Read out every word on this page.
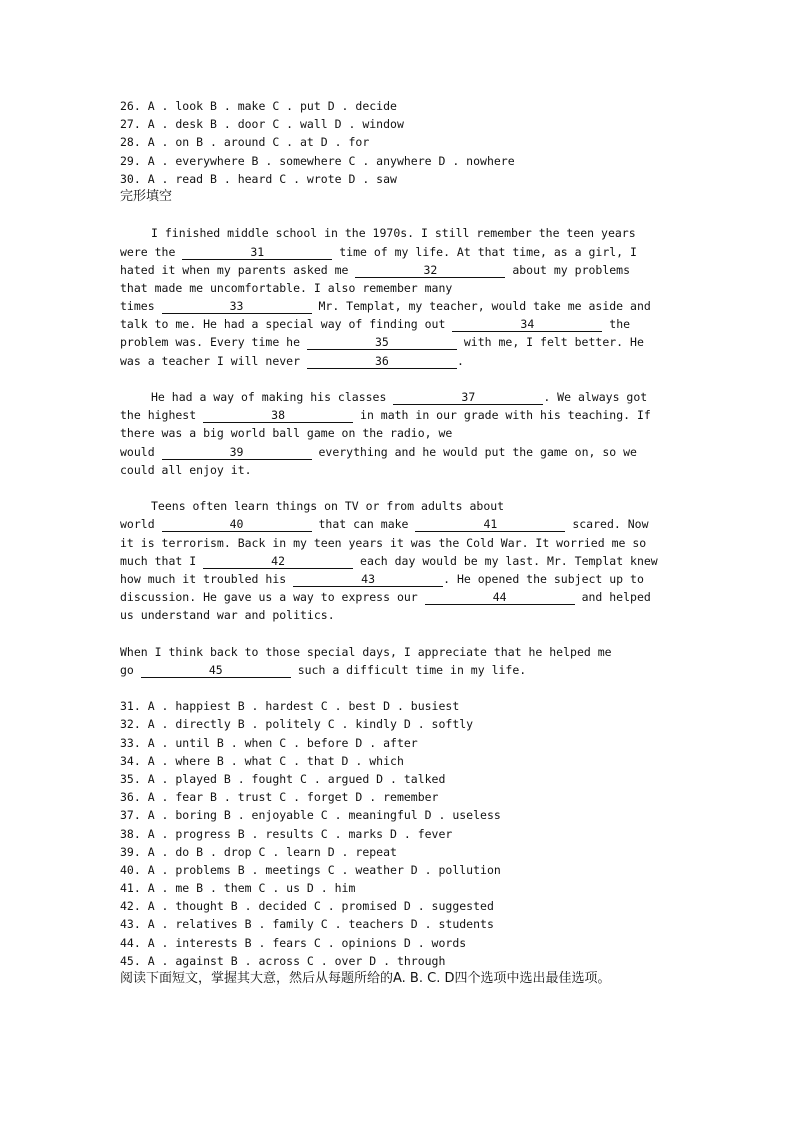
26. A . look B . make C . put D . decide
27. A . desk B . door C . wall D . window
28. A . on B . around C . at D . for
29. A . everywhere B . somewhere C . anywhere D . nowhere
30. A . read B . heard C . wrote D . saw
完形填空
I finished middle school in the 1970s. I still remember the teen years
were the	31	time of my life. At that time, as a girl, I
hated it when my parents asked me	32	about my problems
that made me uncomfortable. I also remember many
times	33	Mr. Templat, my teacher, would take me aside and
talk to me. He had a special way of finding out	34	the
problem was. Every time he	35	with me, I felt better. He
was a teacher I will never	36	.
He had a way of making his classes	37	. We always got
the highest	38	in math in our grade with his teaching. If
there was a big world ball game on the radio, we
would	39	everything and he would put the game on, so we
could all enjoy it.
Teens often learn things on TV or from adults about
world	40	that can make	41	scared. Now
it is terrorism. Back in my teen years it was the Cold War. It worried me so
much that I	42	each day would be my last. Mr. Templat knew
how much it troubled his	43	. He opened the subject up to
discussion. He gave us a way to express our	44	and helped
us understand war and politics.
When I think back to those special days, I appreciate that he helped me
go	45	such a difficult time in my life.
31. A . happiest B . hardest C . best D . busiest
32. A . directly B . politely C . kindly D . softly
33. A . until B . when C . before D . after
34. A . where B . what C . that D . which
35. A . played B . fought C . argued D . talked
36. A . fear B . trust C . forget D . remember
37. A . boring B . enjoyable C . meaningful D . useless
38. A . progress B . results C . marks D . fever
39. A . do B . drop C . learn D . repeat
40. A . problems B . meetings C . weather D . pollution
41. A . me B . them C . us D . him
42. A . thought B . decided C . promised D . suggested
43. A . relatives B . family C . teachers D . students
44. A . interests B . fears C . opinions D . words
45. A . against B . across C . over D . through
阅读下面短文，掌握其大意，然后从每题所给的A. B. C. D四个选项中选出最佳选项。
